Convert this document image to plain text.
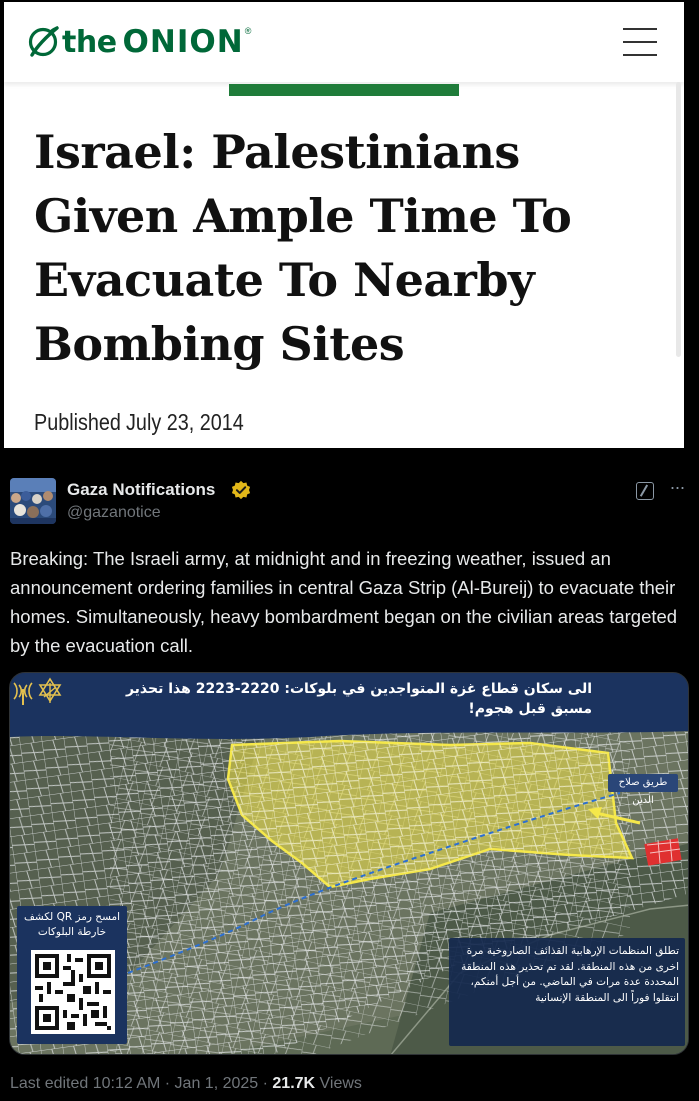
the ONION ®
Israel: Palestinians Given Ample Time To Evacuate To Nearby Bombing Sites
Published July 23, 2014
Gaza Notifications
@gazanotice
···

Breaking: The Israeli army, at midnight and in freezing weather, issued an announcement ordering families in central Gaza Strip (Al-Bureij) to evacuate their homes. Simultaneously, heavy bombardment began on the civilian areas targeted by the evacuation call.

الى سكان قطاع غزة المتواجدين في بلوكات: 2220-2223 هذا تحذير مسبق قبل هجوم!

طريق صلاح الدين

امسح رمز QR لكشف خارطة البلوكات

تطلق المنظمات الإرهابية القذائف الصاروخية مرة اخرى من هذه المنطقة. لقد تم تحذير هذه المنطقة المحددة عدة مرات في الماضي. من أجل أمنكم، انتقلوا فوراً الى المنطقة الإنسانية

Last edited 10:12 AM · Jan 1, 2025 · 21.7K Views
